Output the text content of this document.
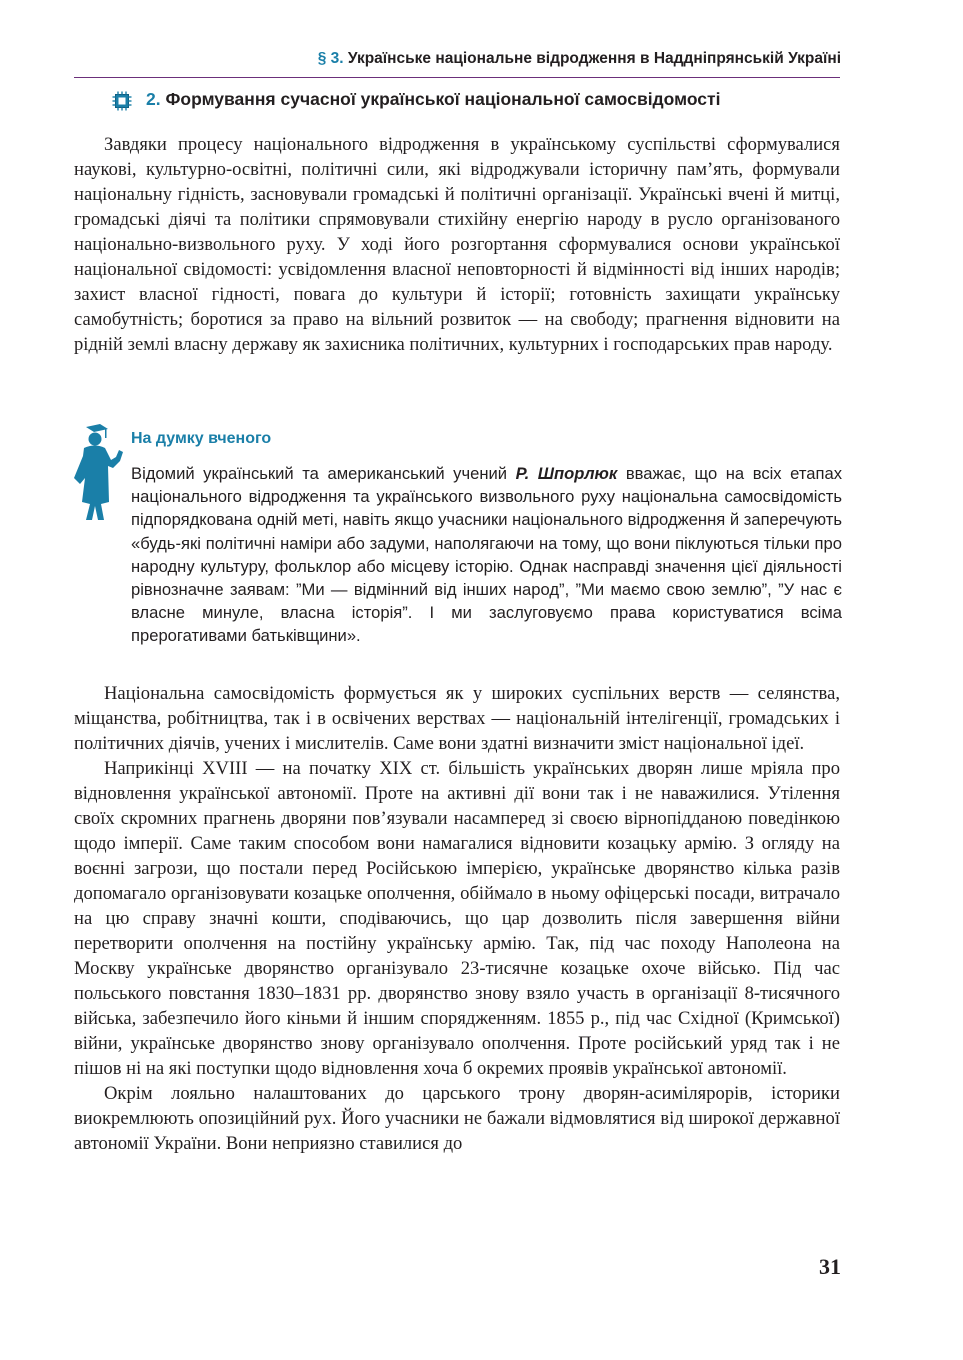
§ 3. Українське національне відродження в Наддніпрянській Україні
2. Формування сучасної української національної самосвідомості

Завдяки процесу національного відродження в українському суспільстві сформувалися наукові, культурно-освітні, політичні сили, які відроджували історичну пам’ять, формували національну гідність, засновували громадські й політичні організації. Українські вчені й митці, громадські діячі та політики спрямовували стихійну енергію народу в русло організованого національно-визвольного руху. У ході його розгортання сформувалися основи української національної свідомості: усвідомлення власної неповторності й відмінності від інших народів; захист власної гідності, повага до культури й історії; готовність захищати українську самобутність; боротися за право на вільний розвиток — на свободу; прагнення відновити на рідній землі власну державу як захисника політичних, культурних і господарських прав народу.

На думку вченого
Відомий український та американський учений Р. Шпорлюк вважає, що на всіх етапах національного відродження та українського визвольного руху національна самосвідомість підпорядкована одній меті, навіть якщо учасники національного відродження й заперечують «будь-які політичні наміри або задуми, наполягаючи на тому, що вони піклуються тільки про народну культуру, фольклор або місцеву історію. Однак насправді значення цієї діяльності рівнозначне заявам: ”Ми — відмінний від інших народ”, ”Ми маємо свою землю”, ”У нас є власне минуле, власна історія”. І ми заслуговуємо права користуватися всіма прерогативами батьківщини».

Національна самосвідомість формується як у широких суспільних верств — селянства, міщанства, робітництва, так і в освічених верствах — національній інтелігенції, громадських і політичних діячів, учених і мислителів. Саме вони здатні визначити зміст національної ідеї.

Наприкінці XVIII — на початку XIX ст. більшість українських дворян лише мріяла про відновлення української автономії. Проте на активні дії вони так і не наважилися. Утілення своїх скромних прагнень дворяни пов’язували насамперед зі своєю вірнопідданою поведінкою щодо імперії. Саме таким способом вони намагалися відновити козацьку армію. З огляду на воєнні загрози, що постали перед Російською імперією, українське дворянство кілька разів допомагало організовувати козацьке ополчення, обіймало в ньому офіцерські посади, витрачало на цю справу значні кошти, сподіваючись, що цар дозволить після завершення війни перетворити ополчення на постійну українську армію. Так, під час походу Наполеона на Москву українське дворянство організувало 23-тисячне козацьке охоче військо. Під час польського повстання 1830–1831 рр. дворянство знову взяло участь в організації 8-тисячного війська, забезпечило його кіньми й іншим спорядженням. 1855 р., під час Східної (Кримської) війни, українське дворянство знову організувало ополчення. Проте російський уряд так і не пішов ні на які поступки щодо відновлення хоча б окремих проявів української автономії.

Окрім лояльно налаштованих до царського трону дворян-асимілярорів, історики виокремлюють опозиційний рух. Його учасники не бажали відмовлятися від широкої державної автономії України. Вони неприязно ставилися до

31
